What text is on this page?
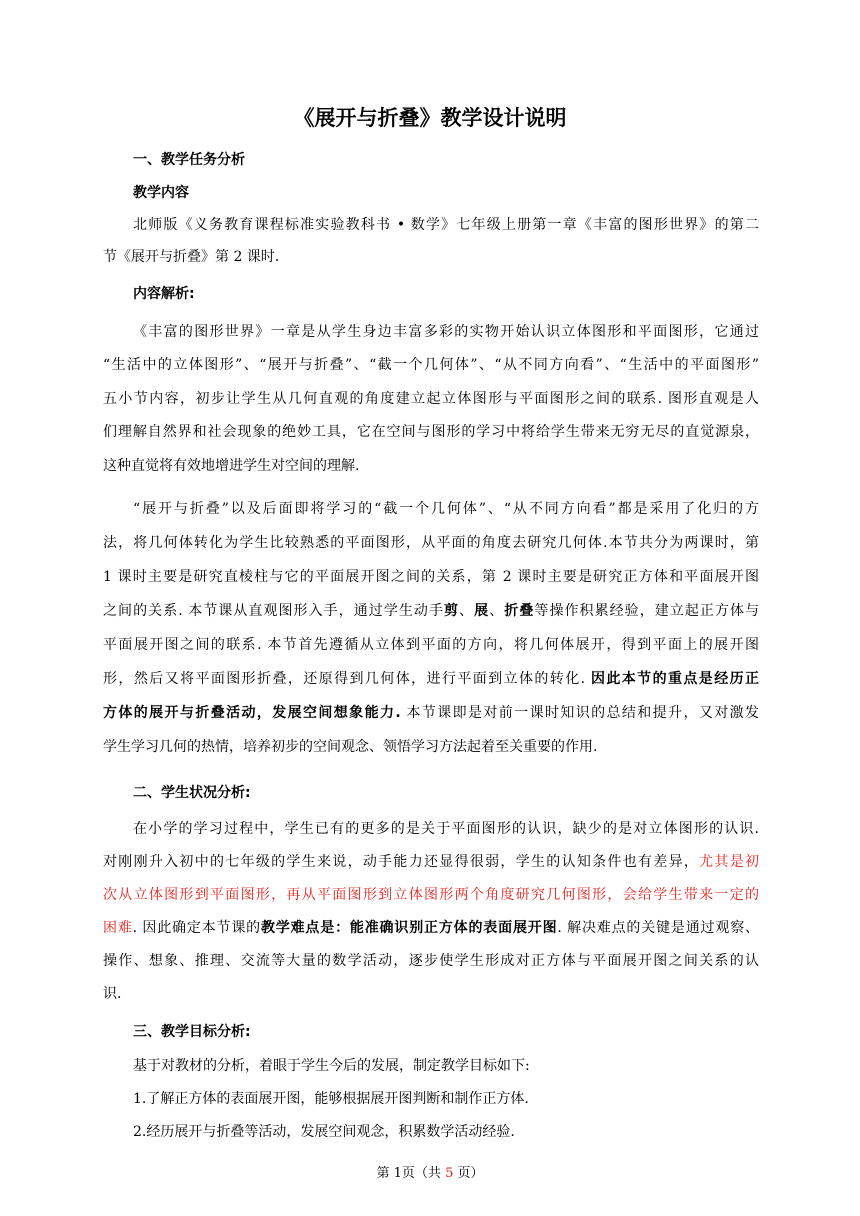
《展开与折叠》教学设计说明
一、教学任务分析
教学内容
北师版《义务教育课程标准实验教科书 • 数学》七年级上册第一章《丰富的图形世界》的第二
节《展开与折叠》第 2 课时.
内容解析:
《丰富的图形世界》一章是从学生身边丰富多彩的实物开始认识立体图形和平面图形，它通过
“生活中的立体图形”、“展开与折叠”、“截一个几何体”、“从不同方向看”、“生活中的平面图形”
五小节内容，初步让学生从几何直观的角度建立起立体图形与平面图形之间的联系. 图形直观是人
们理解自然界和社会现象的绝妙工具，它在空间与图形的学习中将给学生带来无穷无尽的直觉源泉，
这种直觉将有效地增进学生对空间的理解.
“展开与折叠”以及后面即将学习的“截一个几何体”、“从不同方向看”都是采用了化归的方
法，将几何体转化为学生比较熟悉的平面图形，从平面的角度去研究几何体.本节共分为两课时，第
1 课时主要是研究直棱柱与它的平面展开图之间的关系，第 2 课时主要是研究正方体和平面展开图
之间的关系. 本节课从直观图形入手，通过学生动手剪、展、折叠等操作积累经验，建立起正方体与
平面展开图之间的联系. 本节首先遵循从立体到平面的方向，将几何体展开，得到平面上的展开图
形，然后又将平面图形折叠，还原得到几何体，进行平面到立体的转化. 因此本节的重点是经历正
方体的展开与折叠活动，发展空间想象能力. 本节课即是对前一课时知识的总结和提升，又对激发
学生学习几何的热情，培养初步的空间观念、领悟学习方法起着至关重要的作用.
二、学生状况分析:
在小学的学习过程中，学生已有的更多的是关于平面图形的认识，缺少的是对立体图形的认识.
对刚刚升入初中的七年级的学生来说，动手能力还显得很弱，学生的认知条件也有差异，尤其是初
次从立体图形到平面图形，再从平面图形到立体图形两个角度研究几何图形，会给学生带来一定的
困难. 因此确定本节课的教学难点是：能准确识别正方体的表面展开图. 解决难点的关键是通过观察、
操作、想象、推理、交流等大量的数学活动，逐步使学生形成对正方体与平面展开图之间关系的认
识.
三、教学目标分析:
基于对教材的分析，着眼于学生今后的发展，制定教学目标如下:
1.了解正方体的表面展开图，能够根据展开图判断和制作正方体.
2.经历展开与折叠等活动，发展空间观念，积累数学活动经验.
第 1页（共 5 页）
